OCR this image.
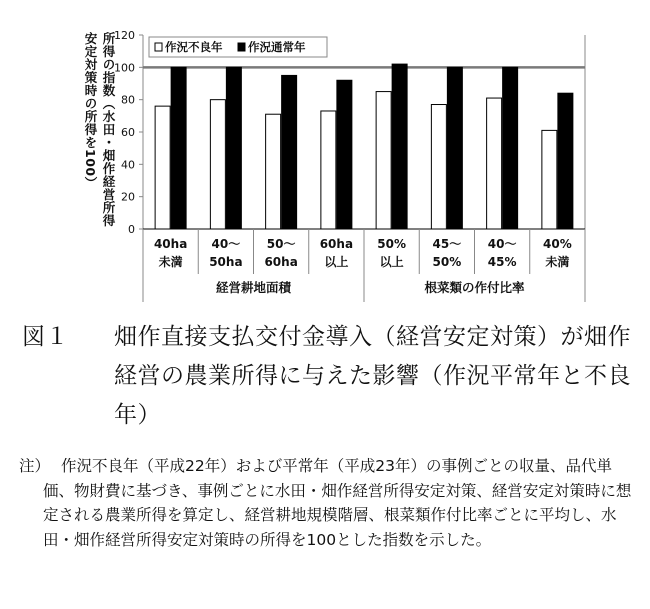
0
20
40
60
80
100
120
40ha
未満
40〜
50ha
50〜
60ha
60ha
以上
50%
以上
45〜
50%
40〜
45%
40%
未満
経営耕地面積	根菜類の作付比率
作況不良年 作況通常年
所得の指数（水田・畑作経営所得
安定対策時の所得を100）
図１ 畑作直接支払交付金導入（経営安定対策）が畑作経営の農業所得に与えた影響（作況平常年と不良年）
注） 作況不良年（平成22年）および平常年（平成23年）の事例ごとの収量、品代単価、物財費に基づき、事例ごとに水田・畑作経営所得安定対策、経営安定対策時に想定される農業所得を算定し、経営耕地規模階層、根菜類作付比率ごとに平均し、水田・畑作経営所得安定対策時の所得を100とした指数を示した。
